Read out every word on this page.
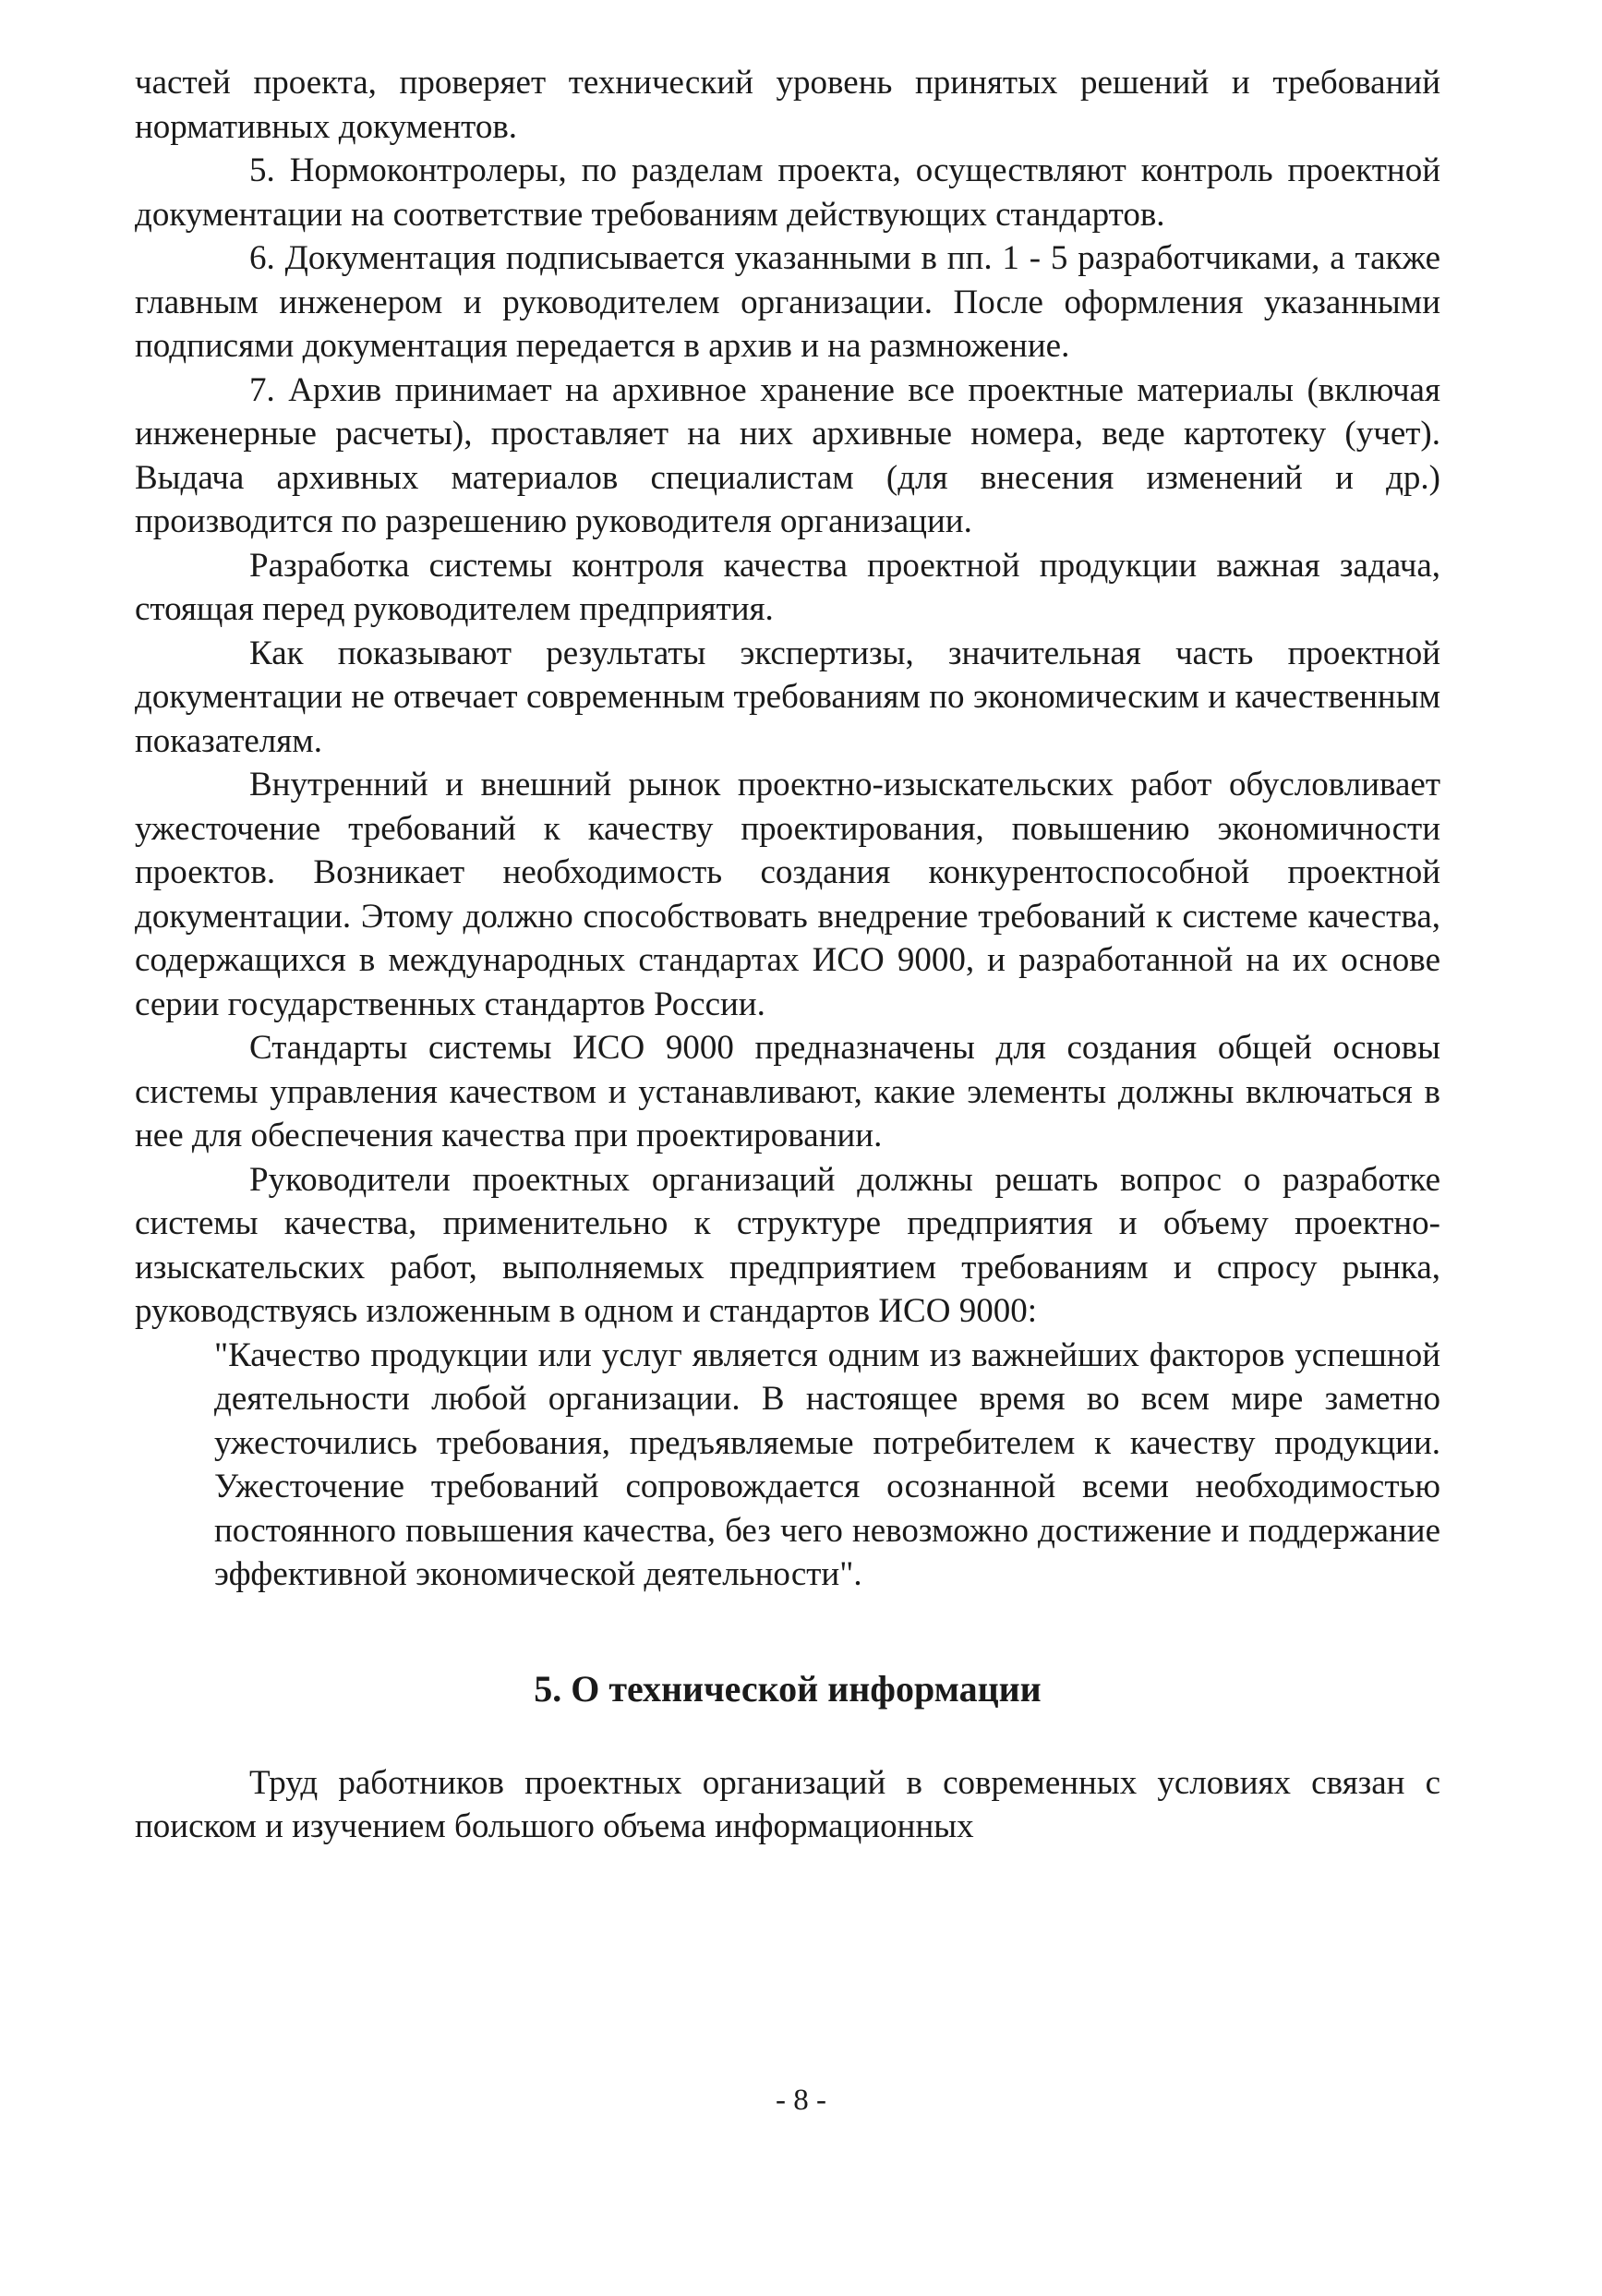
частей проекта, проверяет технический уровень принятых решений и требований нормативных документов.

5. Нормоконтролеры, по разделам проекта, осуществляют контроль проектной документации на соответствие требованиям действующих стандартов.

6. Документация подписывается указанными в пп. 1 - 5 разработчиками, а также главным инженером и руководителем организации. После оформления указанными подписями документация передается в архив и на размножение.

7. Архив принимает на архивное хранение все проектные материалы (включая инженерные расчеты), проставляет на них архивные номера, веде картотеку (учет). Выдача архивных материалов специалистам (для внесения изменений и др.) производится по разрешению руководителя организации.

Разработка системы контроля качества проектной продукции важная задача, стоящая перед руководителем предприятия.

Как показывают результаты экспертизы, значительная часть проектной документации не отвечает современным требованиям по экономическим и качественным показателям.

Внутренний и внешний рынок проектно-изыскательских работ обусловливает ужесточение требований к качеству проектирования, повышению экономичности проектов. Возникает необходимость создания конкурентоспособной проектной документации. Этому должно способствовать внедрение требований к системе качества, содержащихся в международных стандартах ИСО 9000, и разработанной на их основе серии государственных стандартов России.

Стандарты системы ИСО 9000 предназначены для создания общей основы системы управления качеством и устанавливают, какие элементы должны включаться в нее для обеспечения качества при проектировании.

Руководители проектных организаций должны решать вопрос о разработке системы качества, применительно к структуре предприятия и объему проектно-изыскательских работ, выполняемых предприятием требованиям и спросу рынка, руководствуясь изложенным в одном и стандартов ИСО 9000:

"Качество продукции или услуг является одним из важнейших факторов успешной деятельности любой организации. В настоящее время во всем мире заметно ужесточились требования, предъявляемые потребителем к качеству продукции. Ужесточение требований сопровождается осознанной всеми необходимостью постоянного повышения качества, без чего невозможно достижение и поддержание эффективной экономической деятельности".

5. О технической информации

Труд работников проектных организаций в современных условиях связан с поиском и изучением большого объема информационных

- 8 -
